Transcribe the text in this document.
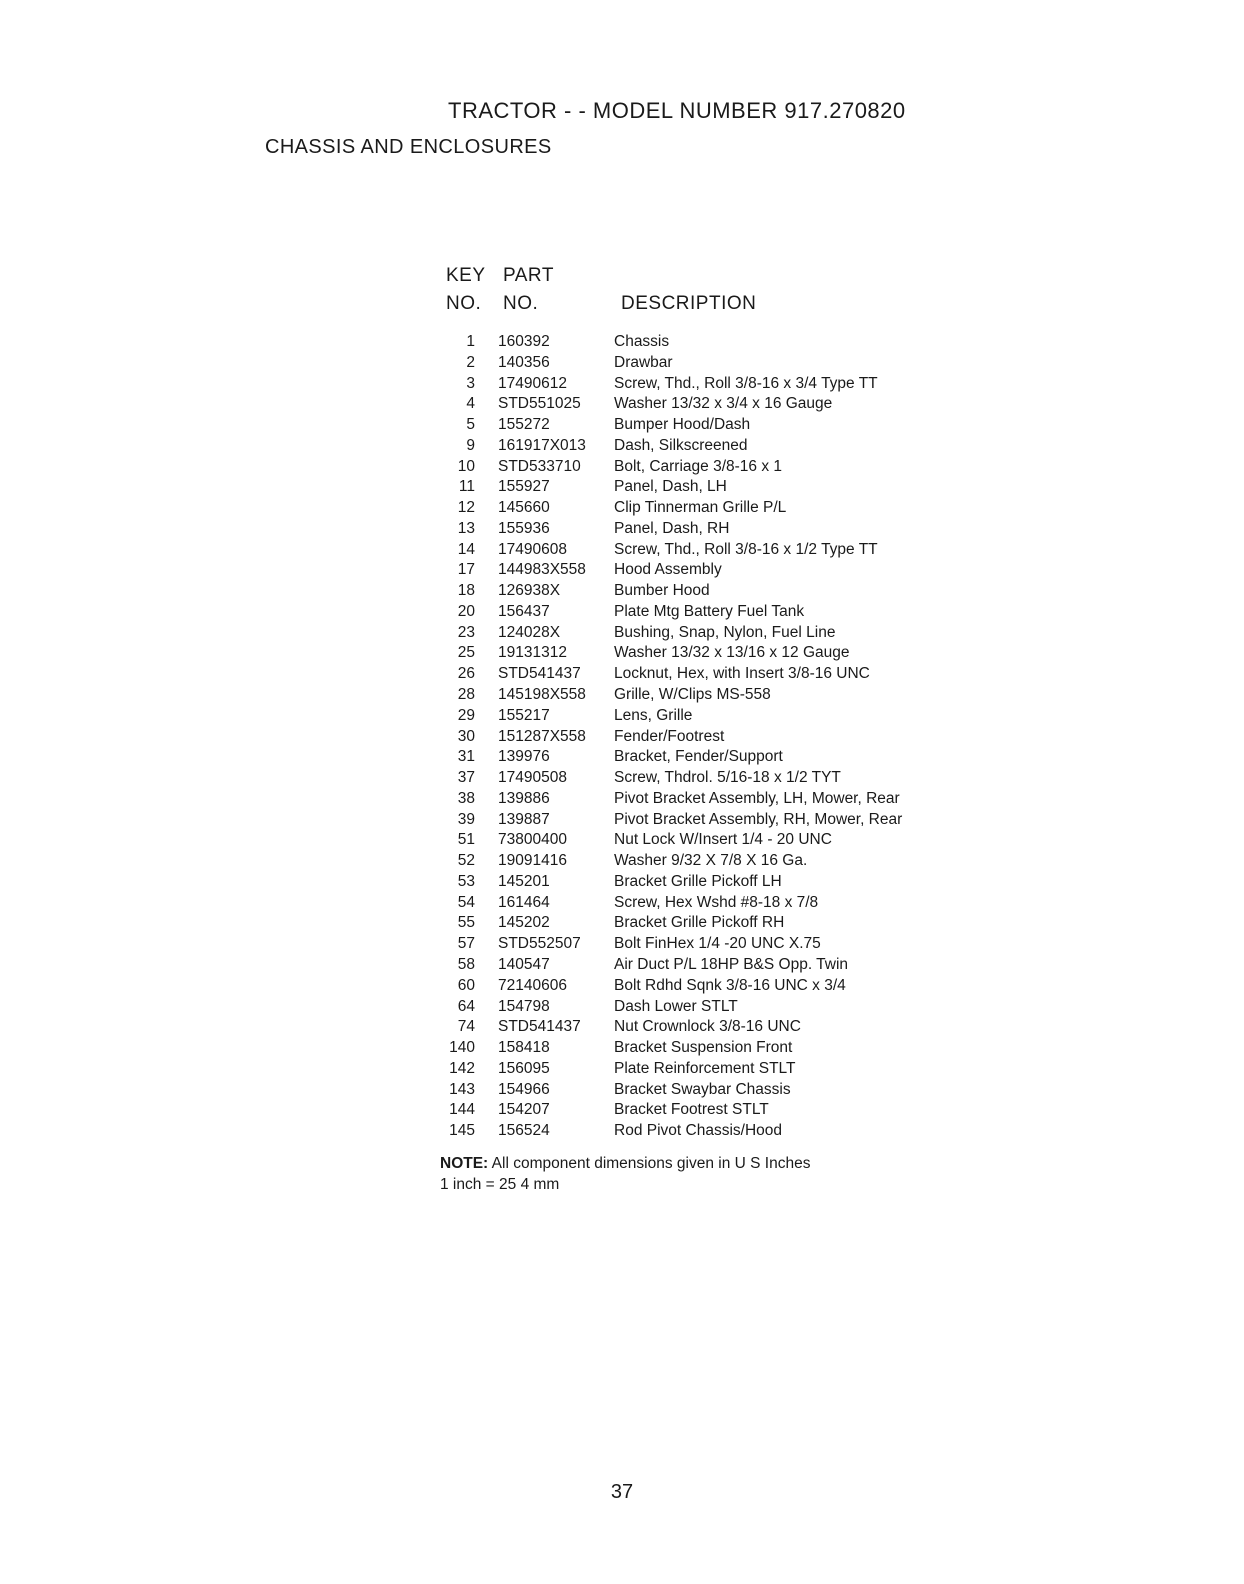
TRACTOR - - MODEL NUMBER 917.270820
CHASSIS AND ENCLOSURES
KEY
NO.
PART
NO.	DESCRIPTION
1 160392	Chassis
2 140356	Drawbar
3 17490612	Screw, Thd., Roll 3/8-16 x 3/4 Type TT
4 STD551025 Washer 13/32 x 3/4 x 16 Gauge
5 155272	Bumper Hood/Dash
9 161917X013 Dash, Silkscreened
10 STD533710 Bolt, Carriage 3/8-16 x 1
11 155927	Panel, Dash, LH
12 145660	Clip Tinnerman Grille P/L
13 155936	Panel, Dash, RH
14 17490608	Screw, Thd., Roll 3/8-16 x 1/2 Type TT
17 144983X558 Hood Assembly
18 126938X	Bumber Hood
20 156437	Plate Mtg Battery Fuel Tank
23 124028X	Bushing, Snap, Nylon, Fuel Line
25 19131312	Washer 13/32 x 13/16 x 12 Gauge
26 STD541437 Locknut, Hex, with Insert 3/8-16 UNC
28 145198X558 Grille, W/Clips MS-558
29 155217	Lens, Grille
30 151287X558 Fender/Footrest
31 139976	Bracket, Fender/Support
37 17490508	Screw, Thdrol. 5/16-18 x 1/2 TYT
38 139886	Pivot Bracket Assembly, LH, Mower, Rear
39 139887	Pivot Bracket Assembly, RH, Mower, Rear
51 73800400	Nut Lock W/Insert 1/4 - 20 UNC
52 19091416	Washer 9/32 X 7/8 X 16 Ga.
53 145201	Bracket Grille Pickoff LH
54 161464	Screw, Hex Wshd #8-18 x 7/8
55 145202	Bracket Grille Pickoff RH
57 STD552507 Bolt FinHex 1/4 -20 UNC X.75
58 140547	Air Duct P/L 18HP B&S Opp. Twin
60 72140606	Bolt Rdhd Sqnk 3/8-16 UNC x 3/4
64 154798	Dash Lower STLT
74 STD541437 Nut Crownlock 3/8-16 UNC
140 158418	Bracket Suspension Front
142 156095	Plate Reinforcement STLT
143 154966	Bracket Swaybar Chassis
144 154207	Bracket Footrest STLT
145 156524	Rod Pivot Chassis/Hood
NOTE: All component dimensions given in U S Inches
1 inch = 25 4 mm
37
